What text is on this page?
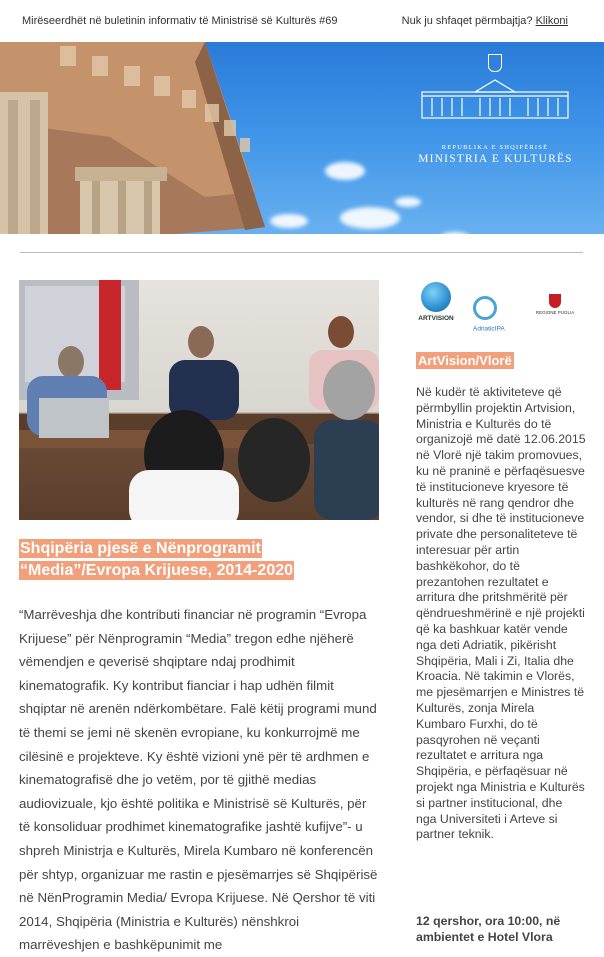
Mirëseerdhët në buletinin informativ të Ministrisë së Kulturës #69	Nuk ju shfaqet përmbajtja? Klikoni
REPUBLIKA E SHQIPËRISË
MINISTRIA E KULTURËS
Shqipëria pjesë e Nënprogramit “Media”/Evropa Krijuese, 2014-2020
“Marrëveshja dhe kontributi financiar në programin “Evropa Krijuese” për Nënprogramin “Media” tregon edhe njëherë vëmendjen e qeverisë shqiptare ndaj prodhimit kinematografik. Ky kontribut fianciar i hap udhën filmit shqiptar në arenën ndërkombëtare. Falë këtij programi mund të themi se jemi në skenën evropiane, ku konkurrojmë me cilësinë e projekteve. Ky është vizioni ynë për të ardhmen e kinematografisë dhe jo vetëm, por të gjithë medias audiovizuale, kjo është politika e Ministrisë së Kulturës, për të konsoliduar prodhimet kinematografike jashtë kufijve”- u shpreh Ministrja e Kulturës, Mirela Kumbaro në konferencën për shtyp, organizuar me rastin e pjesëmarrjes së Shqipërisë në NënProgramin Media/ Evropa Krijuese. Në Qershor të viti 2014, Shqipëria (Ministria e Kulturës) nënshkroi marrëveshjen e bashkëpunimit me
ARTVISION
AdriaticIPA
REGIONE PUGLIA
ArtVision/Vlorë
Në kudër të aktiviteteve që përmbyllin projektin Artvision, Ministria e Kulturës do të organizojë më datë 12.06.2015 në Vlorë një takim promovues, ku në praninë e përfaqësuesve të institucioneve kryesore të kulturës në rang qendror dhe vendor, si dhe të institucioneve private dhe personaliteteve të interesuar për artin bashkëkohor, do të prezantohen rezultatet e arritura dhe pritshmëritë për qëndrueshmërinë e një projekti që ka bashkuar katër vende nga deti Adriatik, pikërisht Shqipëria, Mali i Zi, Italia dhe Kroacia. Në takimin e Vlorës, me pjesëmarrjen e Ministres të Kulturës, zonja Mirela Kumbaro Furxhi, do të pasqyrohen në veçanti rezultatet e arritura nga Shqipëria, e përfaqësuar në projekt nga Ministria e Kulturës si partner institucional, dhe nga Universiteti i Arteve si partner teknik.
12 qershor, ora 10:00, në ambientet e Hotel Vlora
